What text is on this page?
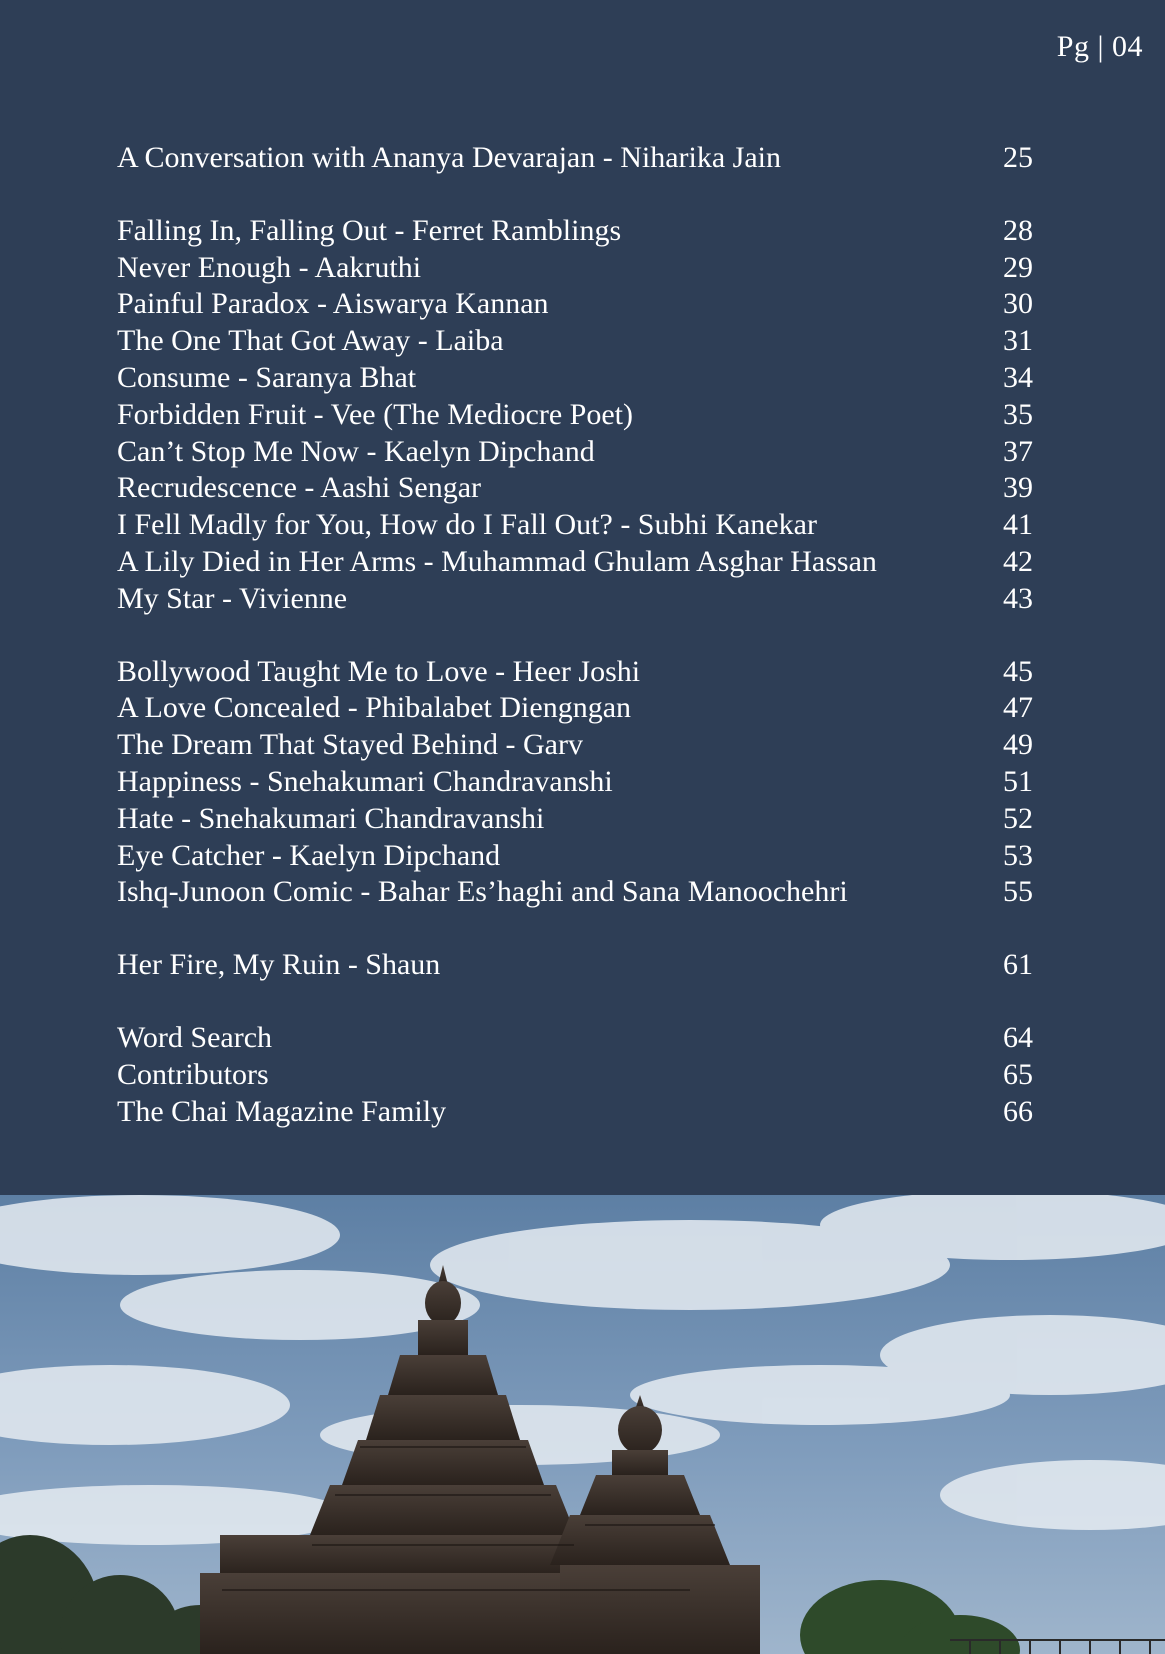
Pg | 04
A Conversation with Ananya Devarajan - Niharika Jain	25
Falling In, Falling Out - Ferret Ramblings	28
Never Enough - Aakruthi	29
Painful Paradox - Aiswarya Kannan	30
The One That Got Away - Laiba	31
Consume - Saranya Bhat	34
Forbidden Fruit - Vee (The Mediocre Poet)	35
Can’t Stop Me Now - Kaelyn Dipchand	37
Recrudescence - Aashi Sengar	39
I Fell Madly for You, How do I Fall Out? - Subhi Kanekar	41
A Lily Died in Her Arms - Muhammad Ghulam Asghar Hassan	42
My Star - Vivienne	43
Bollywood Taught Me to Love - Heer Joshi	45
A Love Concealed - Phibalabet Diengngan	47
The Dream That Stayed Behind - Garv	49
Happiness - Snehakumari Chandravanshi	51
Hate - Snehakumari Chandravanshi	52
Eye Catcher - Kaelyn Dipchand	53
Ishq-Junoon Comic - Bahar Es’haghi and Sana Manoochehri	55
Her Fire, My Ruin - Shaun	61
Word Search	64
Contributors	65
The Chai Magazine Family	66
